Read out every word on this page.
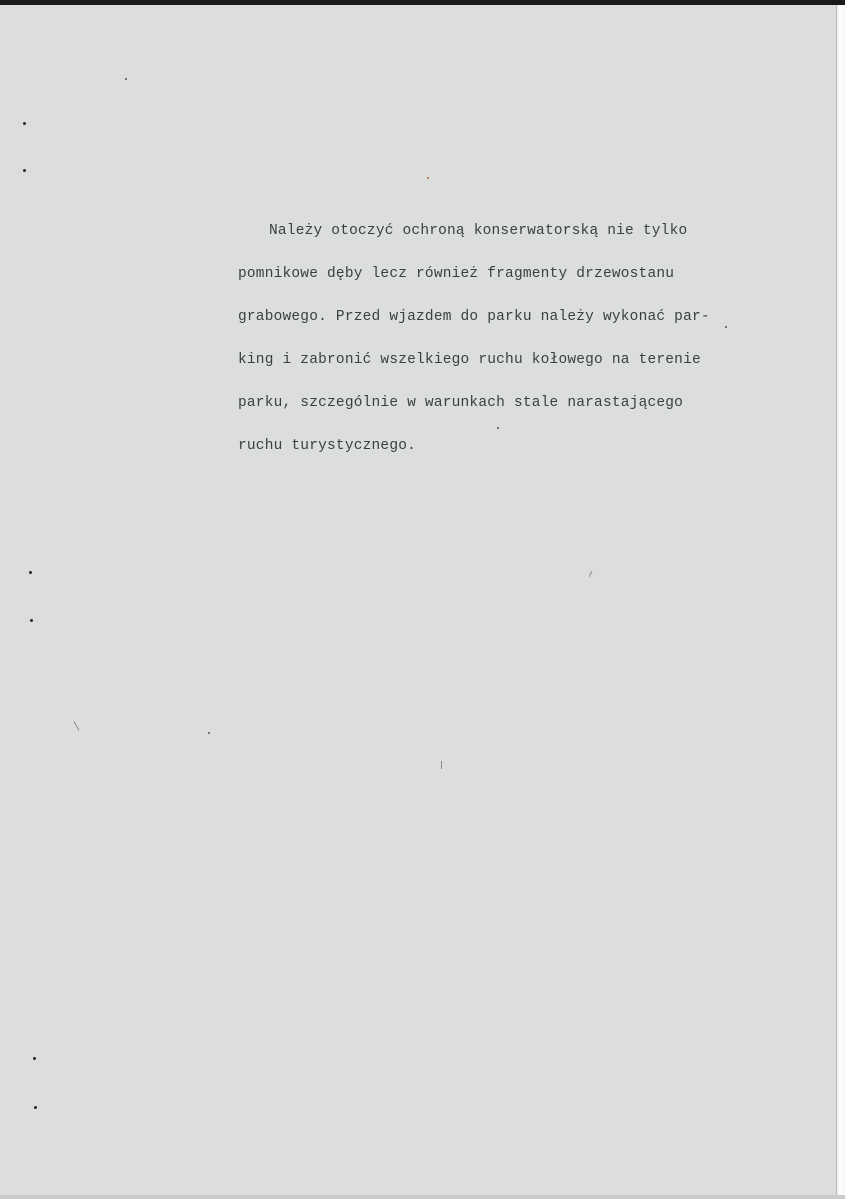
Należy otoczyć ochroną konserwatorską nie tylko
pomnikowe dęby lecz również fragmenty drzewostanu
grabowego. Przed wjazdem do parku należy wykonać par-
king i zabronić wszelkiego ruchu kołowego na terenie
parku, szczególnie w warunkach stale narastającego
ruchu turystycznego.
